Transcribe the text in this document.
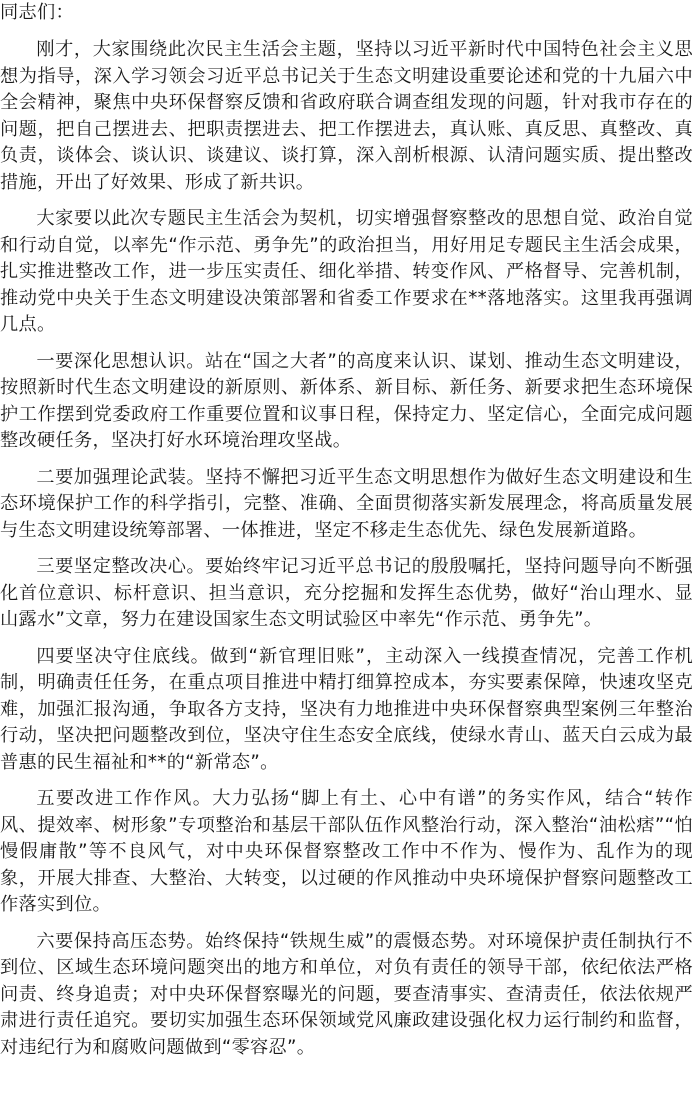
同志们：

刚才，大家围绕此次民主生活会主题，坚持以习近平新时代中国特色社会主义思想为指导，深入学习领会习近平总书记关于生态文明建设重要论述和党的十九届六中全会精神，聚焦中央环保督察反馈和省政府联合调查组发现的问题，针对我市存在的问题，把自己摆进去、把职责摆进去、把工作摆进去，真认账、真反思、真整改、真负责，谈体会、谈认识、谈建议、谈打算，深入剖析根源、认清问题实质、提出整改措施，开出了好效果、形成了新共识。

大家要以此次专题民主生活会为契机，切实增强督察整改的思想自觉、政治自觉和行动自觉，以率先“作示范、勇争先”的政治担当，用好用足专题民主生活会成果，扎实推进整改工作，进一步压实责任、细化举措、转变作风、严格督导、完善机制，推动党中央关于生态文明建设决策部署和省委工作要求在**落地落实。这里我再强调几点。

一要深化思想认识。站在“国之大者”的高度来认识、谋划、推动生态文明建设，按照新时代生态文明建设的新原则、新体系、新目标、新任务、新要求把生态环境保护工作摆到党委政府工作重要位置和议事日程，保持定力、坚定信心，全面完成问题整改硬任务，坚决打好水环境治理攻坚战。

二要加强理论武装。坚持不懈把习近平生态文明思想作为做好生态文明建设和生态环境保护工作的科学指引，完整、准确、全面贯彻落实新发展理念，将高质量发展与生态文明建设统筹部署、一体推进，坚定不移走生态优先、绿色发展新道路。

三要坚定整改决心。要始终牢记习近平总书记的殷殷嘱托，坚持问题导向不断强化首位意识、标杆意识、担当意识，充分挖掘和发挥生态优势，做好“治山理水、显山露水”文章，努力在建设国家生态文明试验区中率先“作示范、勇争先”。

四要坚决守住底线。做到“新官理旧账”，主动深入一线摸查情况，完善工作机制，明确责任任务，在重点项目推进中精打细算控成本，夯实要素保障，快速攻坚克难，加强汇报沟通，争取各方支持，坚决有力地推进中央环保督察典型案例三年整治行动，坚决把问题整改到位，坚决守住生态安全底线，使绿水青山、蓝天白云成为最普惠的民生福祉和**的“新常态”。

五要改进工作作风。大力弘扬“脚上有土、心中有谱”的务实作风，结合“转作风、提效率、树形象”专项整治和基层干部队伍作风整治行动，深入整治“油松痞”“怕慢假庸散”等不良风气，对中央环保督察整改工作中不作为、慢作为、乱作为的现象，开展大排查、大整治、大转变，以过硬的作风推动中央环境保护督察问题整改工作落实到位。

六要保持高压态势。始终保持“铁规生威”的震慑态势。对环境保护责任制执行不到位、区域生态环境问题突出的地方和单位，对负有责任的领导干部，依纪依法严格问责、终身追责；对中央环保督察曝光的问题，要查清事实、查清责任，依法依规严肃进行责任追究。要切实加强生态环保领域党风廉政建设强化权力运行制约和监督，对违纪行为和腐败问题做到“零容忍”。
